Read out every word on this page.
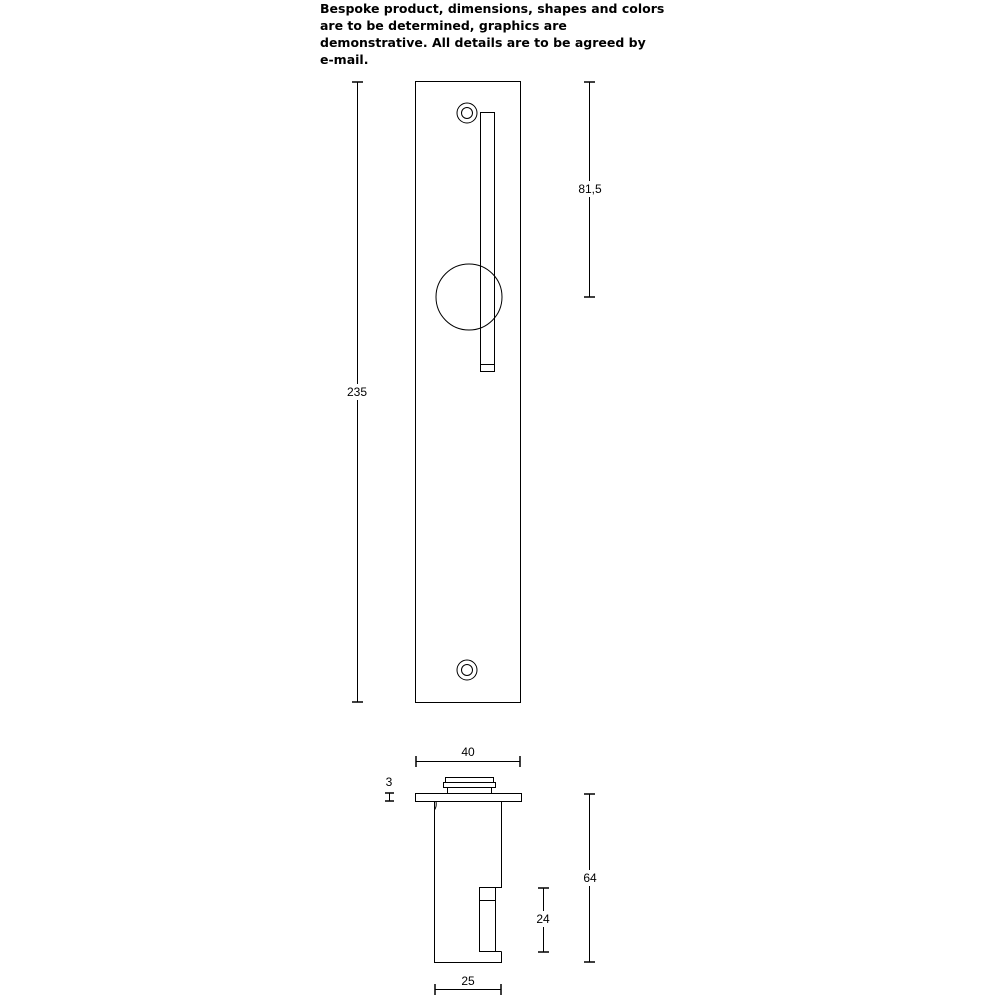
Bespoke product, dimensions, shapes and colors
are to be determined, graphics are
demonstrative. All details are to be agreed by
e-mail.
235
81,5
40
3
64
24
25
